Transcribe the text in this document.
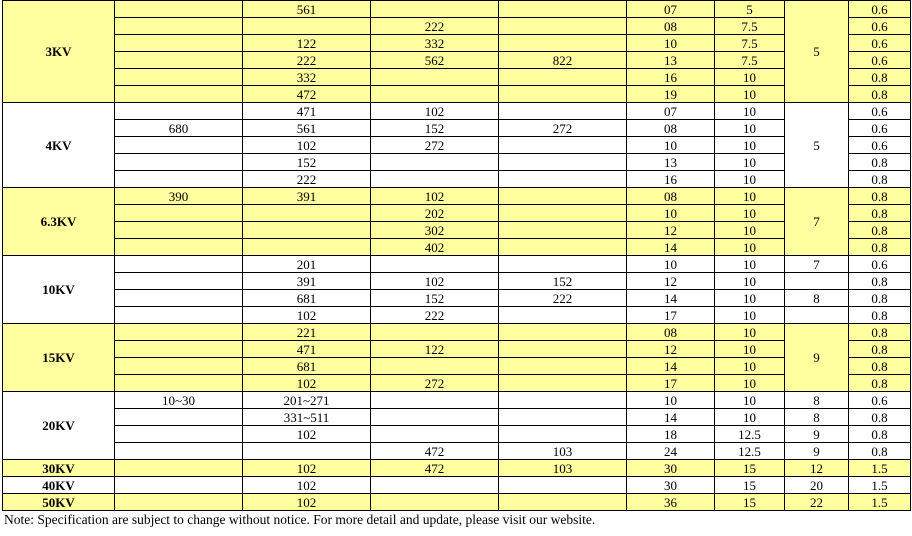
3KV		561			07	5	5	0.6
			222		08	7.5		0.6
		122	332		10	7.5		0.6
		222	562	822	13	7.5		0.6
		332			16	10		0.8
		472			19	10		0.8
4KV		471	102		07	10	5	0.6
	680	561	152	272	08	10		0.6
		102	272		10	10		0.6
		152			13	10		0.8
		222			16	10		0.8
6.3KV	390	391	102		08	10	7	0.8
			202		10	10		0.8
			302		12	10		0.8
			402		14	10		0.8
10KV		201			10	10	7	0.6
		391	102	152	12	10		0.8
		681	152	222	14	10	8	0.8
		102	222		17	10		0.8
15KV		221			08	10	9	0.8
		471	122		12	10		0.8
		681			14	10		0.8
		102	272		17	10		0.8
20KV	10~30	201~271			10	10	8	0.6
		331~511			14	10	8	0.8
		102			18	12.5	9	0.8
			472	103	24	12.5	9	0.8
30KV		102	472	103	30	15	12	1.5
40KV		102			30	15	20	1.5
50KV		102			36	15	22	1.5
Note: Specification are subject to change without notice. For more detail and update, please visit our website.
